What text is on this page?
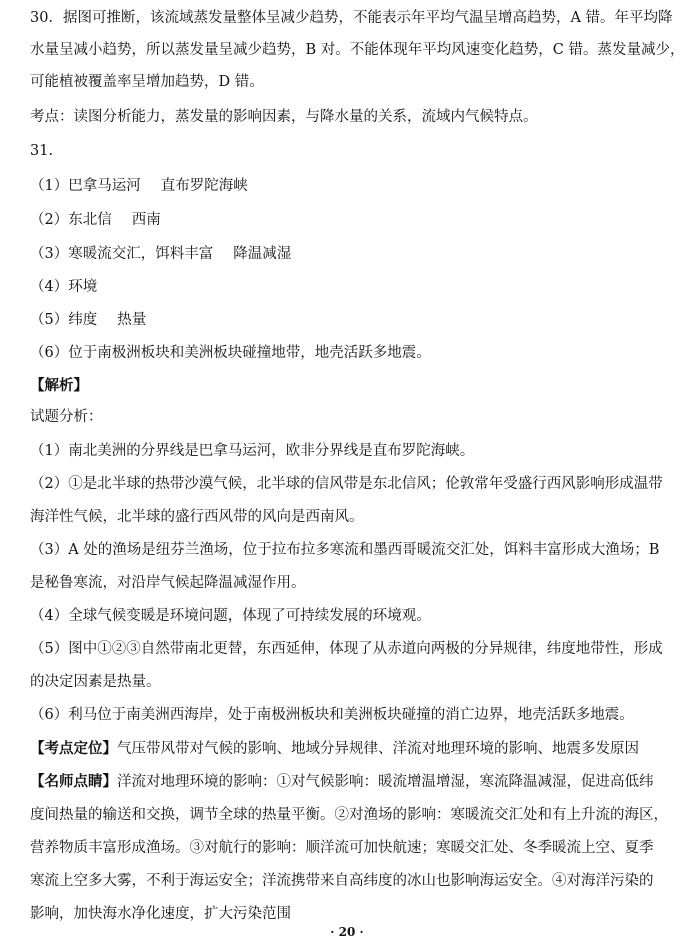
30．据图可推断，该流域蒸发量整体呈减少趋势，不能表示年平均气温呈增高趋势，A 错。年平均降
水量呈减小趋势，所以蒸发量呈减少趋势，B 对。不能体现年平均风速变化趋势，C 错。蒸发量减少，
可能植被覆盖率呈增加趋势，D 错。
考点：读图分析能力，蒸发量的影响因素，与降水量的关系，流域内气候特点。
31.
（1）巴拿马运河 直布罗陀海峡
（2）东北信 西南
（3）寒暖流交汇，饵料丰富 降温减湿
（4）环境
（5）纬度 热量
（6）位于南极洲板块和美洲板块碰撞地带，地壳活跃多地震。
【解析】
试题分析：
（1）南北美洲的分界线是巴拿马运河，欧非分界线是直布罗陀海峡。
（2）①是北半球的热带沙漠气候，北半球的信风带是东北信风；伦敦常年受盛行西风影响形成温带
海洋性气候，北半球的盛行西风带的风向是西南风。
（3）A 处的渔场是纽芬兰渔场，位于拉布拉多寒流和墨西哥暖流交汇处，饵料丰富形成大渔场；B
是秘鲁寒流，对沿岸气候起降温减湿作用。
（4）全球气候变暖是环境问题，体现了可持续发展的环境观。
（5）图中①②③自然带南北更替，东西延伸，体现了从赤道向两极的分异规律，纬度地带性，形成
的决定因素是热量。
（6）利马位于南美洲西海岸，处于南极洲板块和美洲板块碰撞的消亡边界，地壳活跃多地震。
【考点定位】气压带风带对气候的影响、地域分异规律、洋流对地理环境的影响、地震多发原因
【名师点睛】洋流对地理环境的影响：①对气候影响：暖流增温增湿，寒流降温减湿，促进高低纬
度间热量的输送和交换，调节全球的热量平衡。②对渔场的影响：寒暖流交汇处和有上升流的海区，
营养物质丰富形成渔场。③对航行的影响：顺洋流可加快航速；寒暖交汇处、冬季暖流上空、夏季
寒流上空多大雾，不利于海运安全；洋流携带来自高纬度的冰山也影响海运安全。④对海洋污染的
影响，加快海水净化速度，扩大污染范围
· 20 ·
